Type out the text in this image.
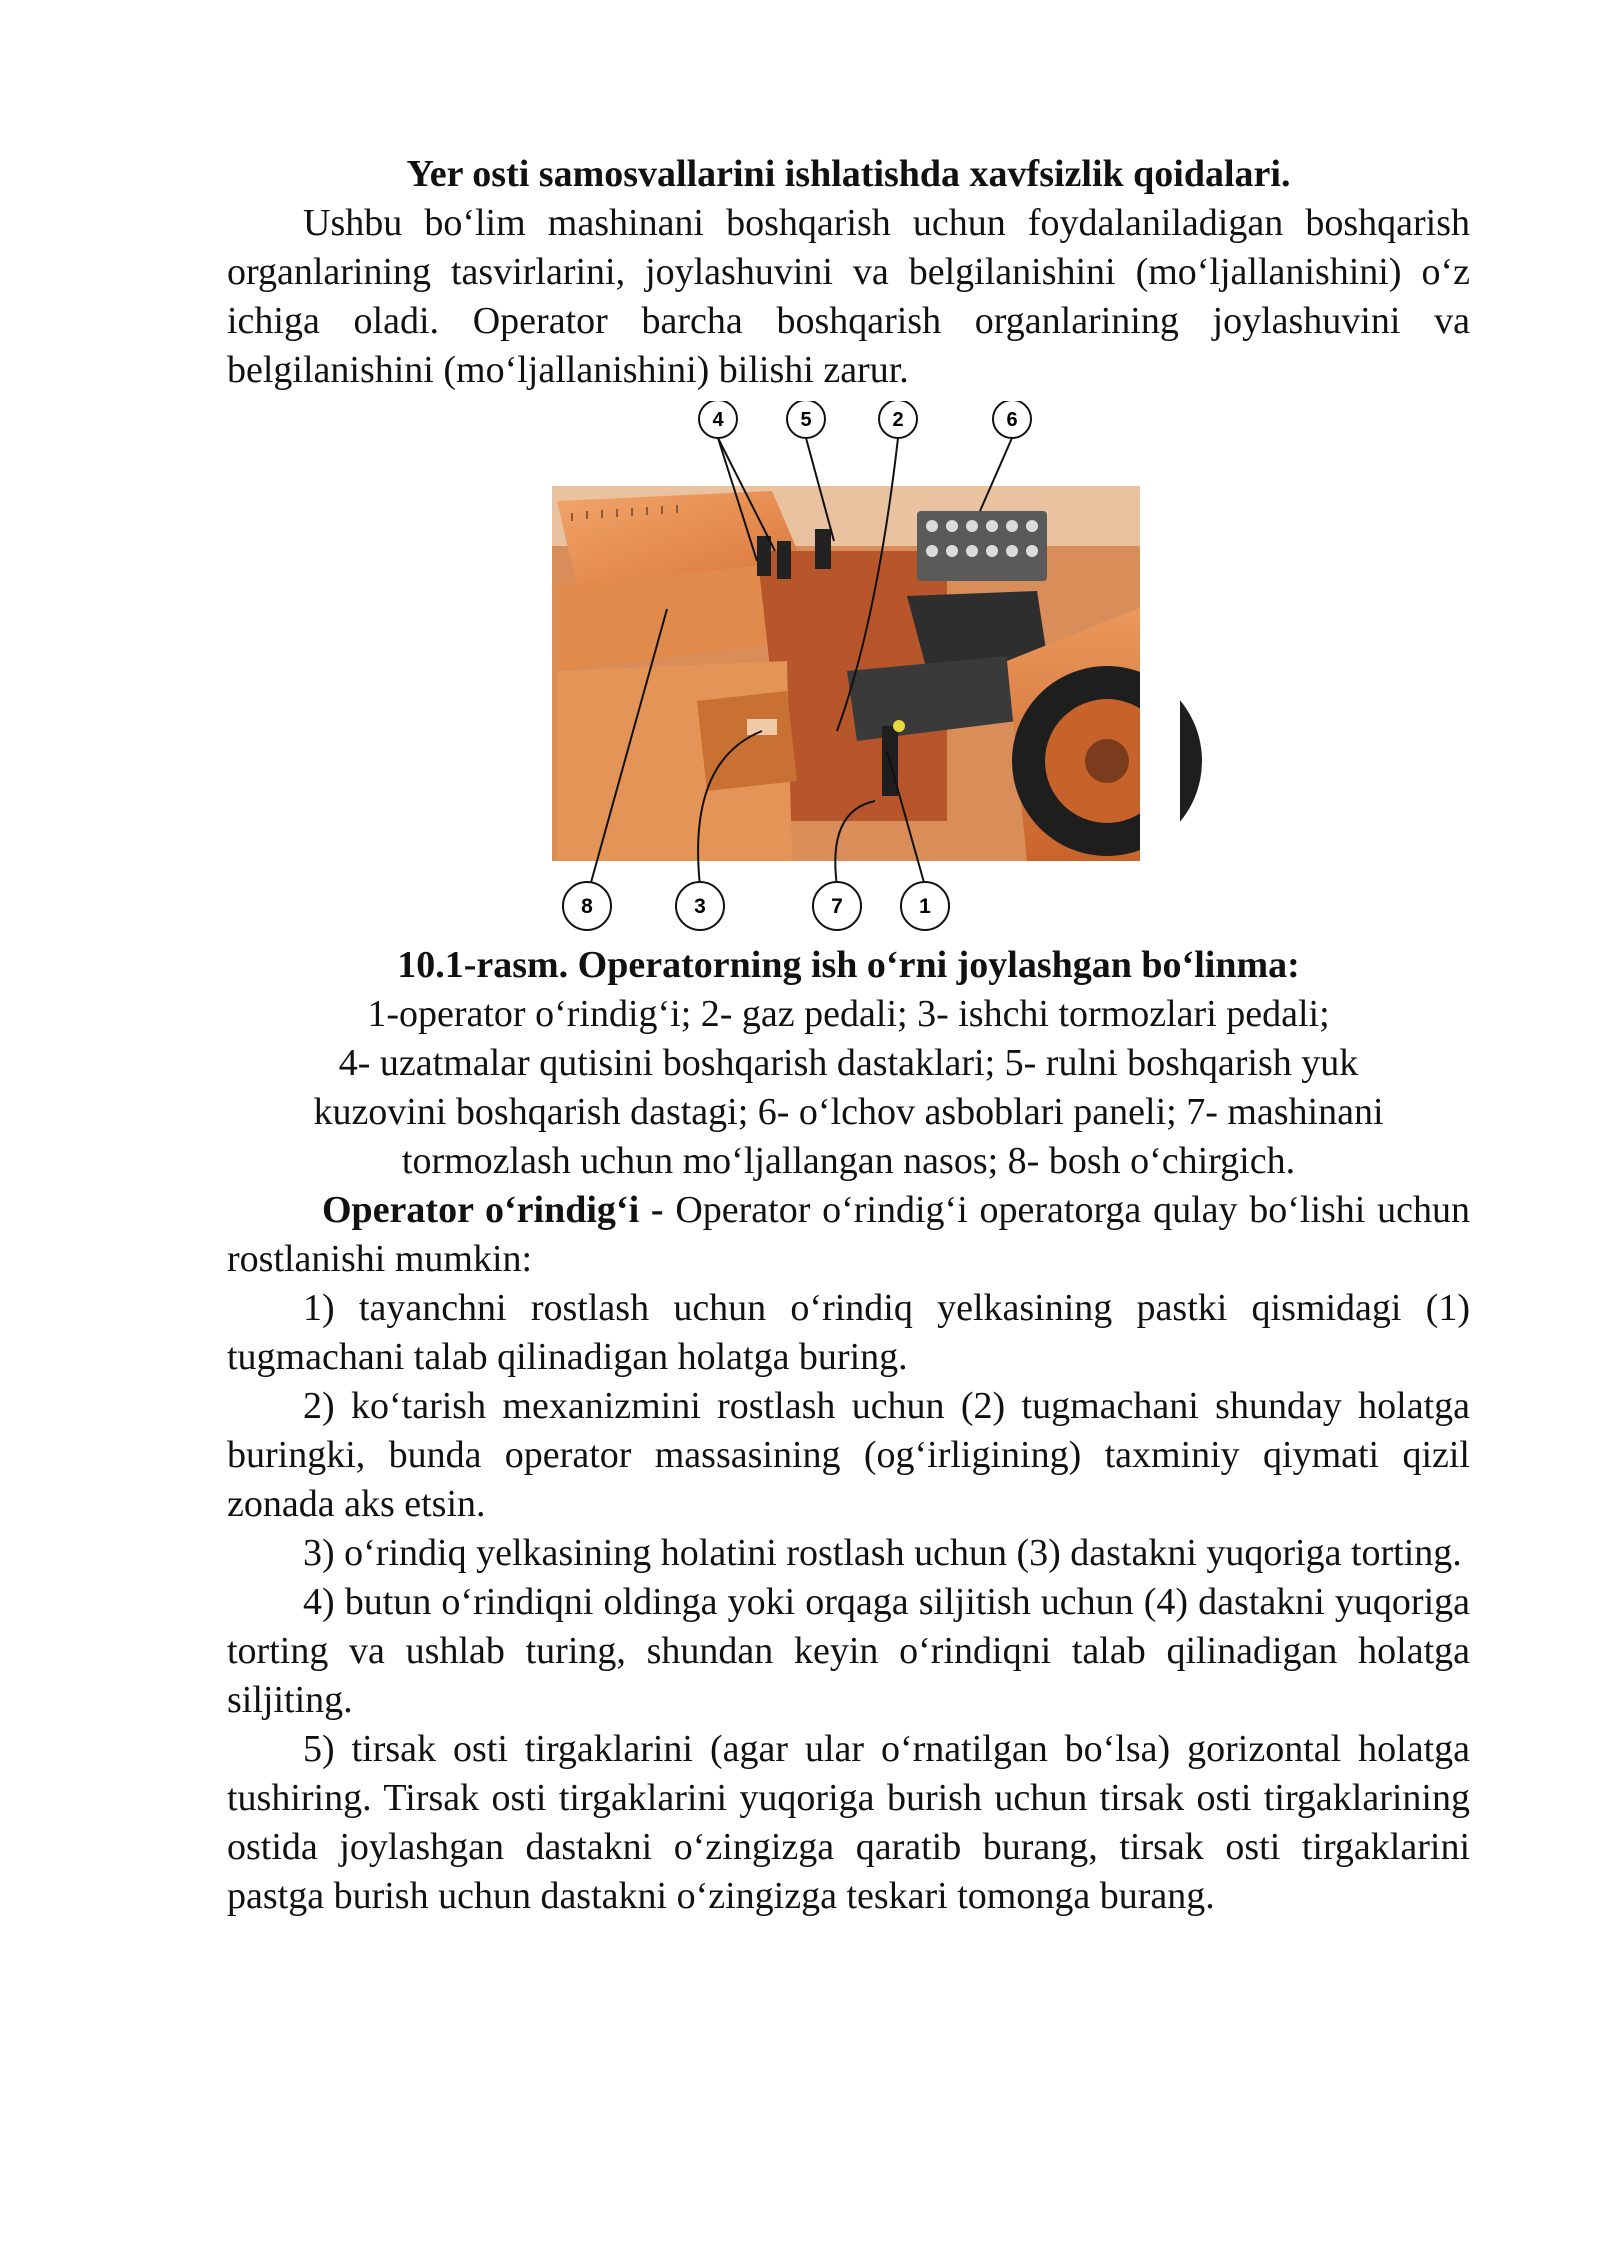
Yer osti samosvallarini ishlatishda xavfsizlik qoidalari.

Ushbu bo‘lim mashinani boshqarish uchun foydalaniladigan boshqarish organlarining tasvirlarini, joylashuvini va belgilanishini (mo‘ljallanishini) o‘z ichiga oladi. Operator barcha boshqarish organlarining joylashuvini va belgilanishini (mo‘ljallanishini) bilishi zarur.

4	5	2	6
8	3	7	1

10.1-rasm. Operatorning ish o‘rni joylashgan bo‘linma:

1-operator o‘rindig‘i; 2- gaz pedali; 3- ishchi tormozlari pedali;

4- uzatmalar qutisini boshqarish dastaklari; 5- rulni boshqarish yuk

kuzovini boshqarish dastagi; 6- o‘lchov asboblari paneli; 7- mashinani

tormozlash uchun mo‘ljallangan nasos; 8- bosh o‘chirgich.

Operator o‘rindig‘i - Operator o‘rindig‘i operatorga qulay bo‘lishi uchun rostlanishi mumkin:

1) tayanchni rostlash uchun o‘rindiq yelkasining pastki qismidagi (1) tugmachani talab qilinadigan holatga buring.

2) ko‘tarish mexanizmini rostlash uchun (2) tugmachani shunday holatga buringki, bunda operator massasining (og‘irligining) taxminiy qiymati qizil zonada aks etsin.

3) o‘rindiq yelkasining holatini rostlash uchun (3) dastakni yuqoriga torting.

4) butun o‘rindiqni oldinga yoki orqaga siljitish uchun (4) dastakni yuqoriga torting va ushlab turing, shundan keyin o‘rindiqni talab qilinadigan holatga siljiting.

5) tirsak osti tirgaklarini (agar ular o‘rnatilgan bo‘lsa) gorizontal holatga tushiring. Tirsak osti tirgaklarini yuqoriga burish uchun tirsak osti tirgaklarining ostida joylashgan dastakni o‘zingizga qaratib burang, tirsak osti tirgaklarini pastga burish uchun dastakni o‘zingizga teskari tomonga burang.
